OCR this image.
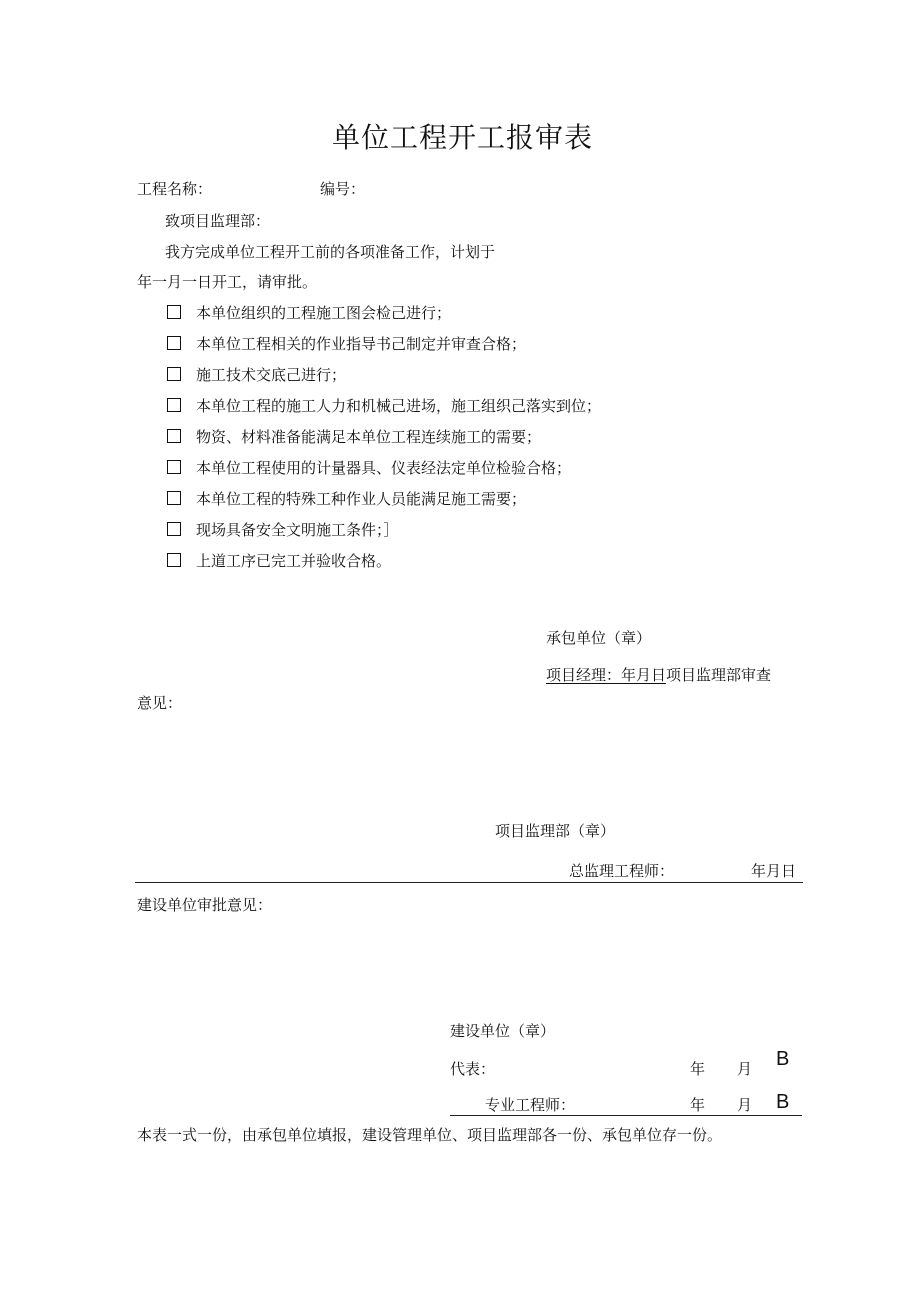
单位工程开工报审表
工程名称：	编号：
致项目监理部：
我方完成单位工程开工前的各项准备工作，计划于
年一月一日开工，请审批。
本单位组织的工程施工图会检己进行；
本单位工程相关的作业指导书己制定并审查合格；
施工技术交底己进行；
本单位工程的施工人力和机械己进场，施工组织己落实到位；
物资、材料准备能满足本单位工程连续施工的需要；
本单位工程使用的计量器具、仪表经法定单位检验合格；
本单位工程的特殊工种作业人员能满足施工需要；
现场具备安全文明施工条件；］
上道工序已完工并验收合格。
承包单位（章）
项目经理：年月日项目监理部审查
意见：
项目监理部（章）
总监理工程师：	年月日
建设单位审批意见：
建设单位（章）
代表：	年 月 B
专业工程师：	年 月 B
本表一式一份，由承包单位填报，建设管理单位、项目监理部各一份、承包单位存一份。
